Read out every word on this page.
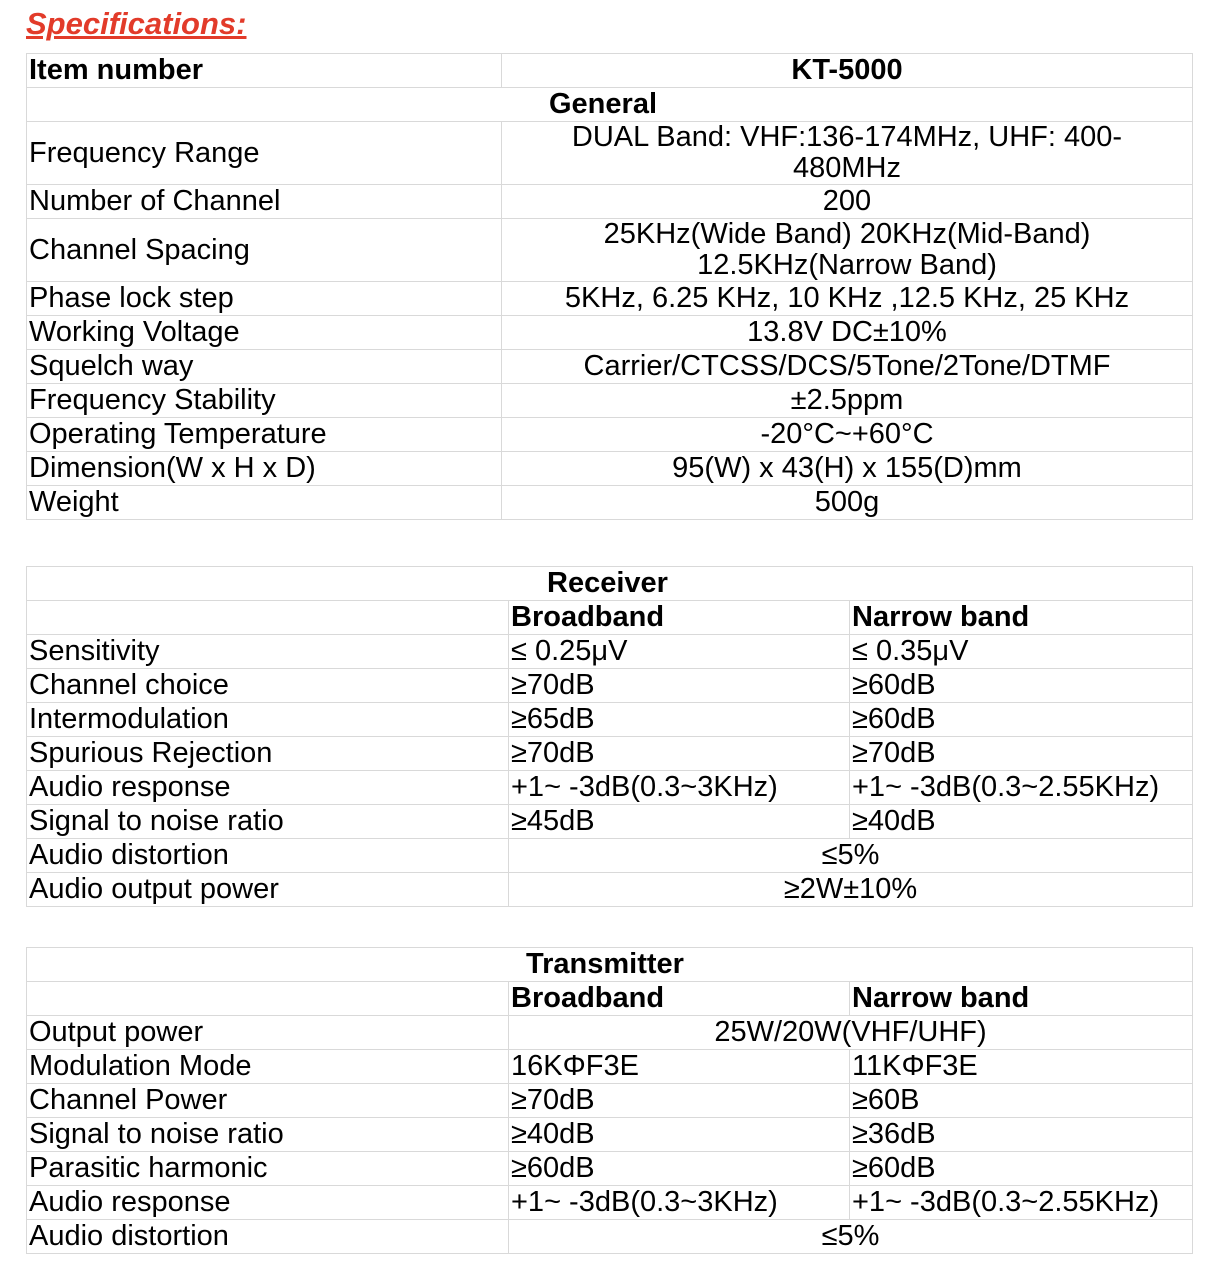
Specifications:
Item number	KT-5000
General	
Frequency Range	DUAL Band: VHF:136-174MHz, UHF: 400-480MHz
Number of Channel	200
Channel Spacing	25KHz(Wide Band) 20KHz(Mid-Band) 12.5KHz(Narrow Band)
Phase lock step	5KHz, 6.25 KHz, 10 KHz ,12.5 KHz, 25 KHz
Working Voltage	13.8V DC±10%
Squelch way	Carrier/CTCSS/DCS/5Tone/2Tone/DTMF
Frequency Stability	±2.5ppm
Operating Temperature	-20°C~+60°C
Dimension(W x H x D)	95(W) x 43(H) x 155(D)mm
Weight	500g
Receiver		
	Broadband	Narrow band
Sensitivity	≤ 0.25μV	≤ 0.35μV
Channel choice	≥70dB	≥60dB
Intermodulation	≥65dB	≥60dB
Spurious Rejection	≥70dB	≥70dB
Audio response	+1~ -3dB(0.3~3KHz)	+1~ -3dB(0.3~2.55KHz)
Signal to noise ratio	≥45dB	≥40dB
Audio distortion	≤5%	
Audio output power	≥2W±10%	
Transmitter		
	Broadband	Narrow band
Output power	25W/20W(VHF/UHF)	
Modulation Mode	16KΦF3E	11KΦF3E
Channel Power	≥70dB	≥60B
Signal to noise ratio	≥40dB	≥36dB
Parasitic harmonic	≥60dB	≥60dB
Audio response	+1~ -3dB(0.3~3KHz)	+1~ -3dB(0.3~2.55KHz)
Audio distortion	≤5%	
